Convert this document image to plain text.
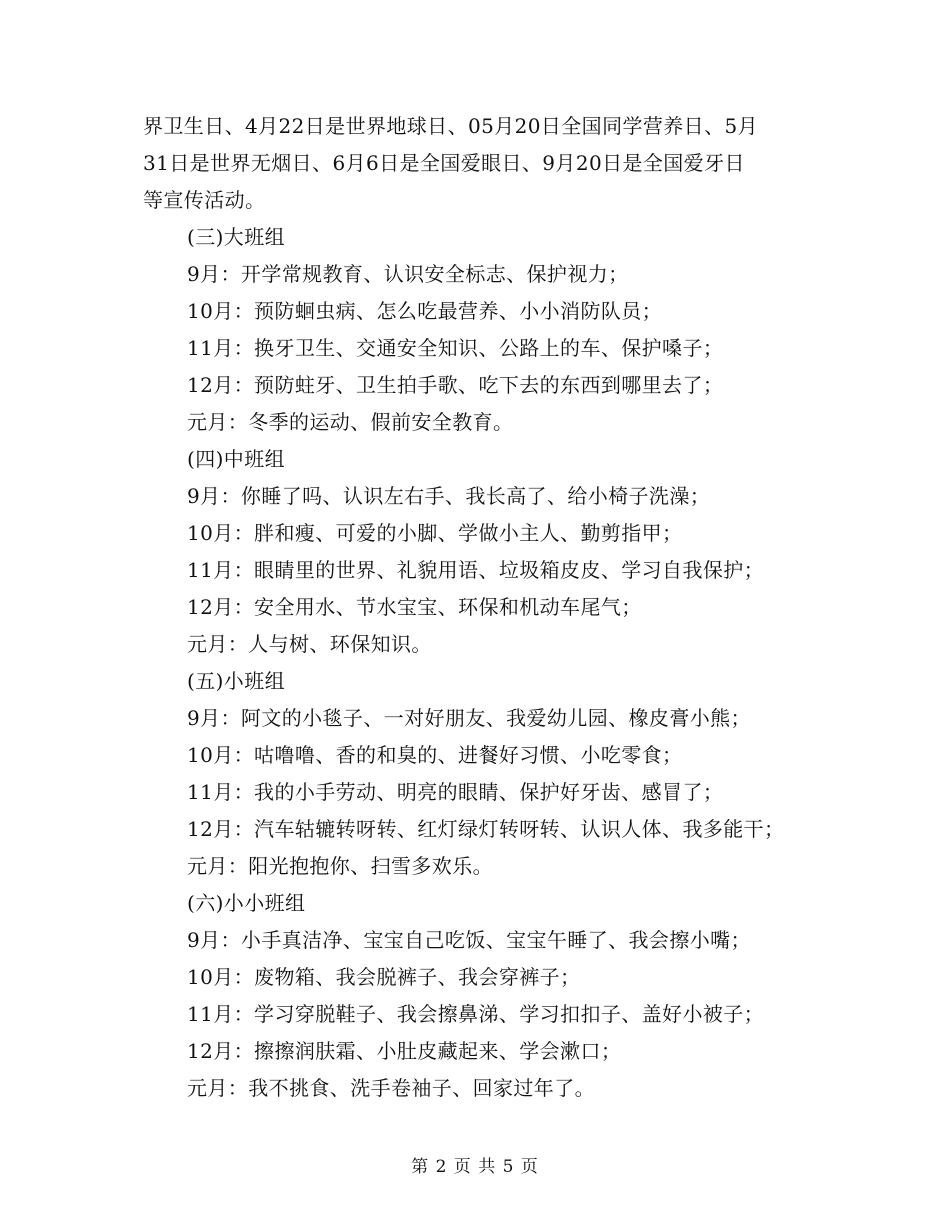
界卫生日、4月22日是世界地球日、05月20日全国同学营养日、5月
31日是世界无烟日、6月6日是全国爱眼日、9月20日是全国爱牙日
等宣传活动。
(三)大班组
9月：开学常规教育、认识安全标志、保护视力；
10月：预防蛔虫病、怎么吃最营养、小小消防队员；
11月：换牙卫生、交通安全知识、公路上的车、保护嗓子；
12月：预防蛀牙、卫生拍手歌、吃下去的东西到哪里去了；
元月：冬季的运动、假前安全教育。
(四)中班组
9月：你睡了吗、认识左右手、我长高了、给小椅子洗澡；
10月：胖和瘦、可爱的小脚、学做小主人、勤剪指甲；
11月：眼睛里的世界、礼貌用语、垃圾箱皮皮、学习自我保护；
12月：安全用水、节水宝宝、环保和机动车尾气；
元月：人与树、环保知识。
(五)小班组
9月：阿文的小毯子、一对好朋友、我爱幼儿园、橡皮膏小熊；
10月：咕噜噜、香的和臭的、进餐好习惯、小吃零食；
11月：我的小手劳动、明亮的眼睛、保护好牙齿、感冒了；
12月：汽车轱辘转呀转、红灯绿灯转呀转、认识人体、我多能干；
元月：阳光抱抱你、扫雪多欢乐。
(六)小小班组
9月：小手真洁净、宝宝自己吃饭、宝宝午睡了、我会擦小嘴；
10月：废物箱、我会脱裤子、我会穿裤子；
11月：学习穿脱鞋子、我会擦鼻涕、学习扣扣子、盖好小被子；
12月：擦擦润肤霜、小肚皮藏起来、学会漱口；
元月：我不挑食、洗手卷袖子、回家过年了。
第 2 页 共 5 页
